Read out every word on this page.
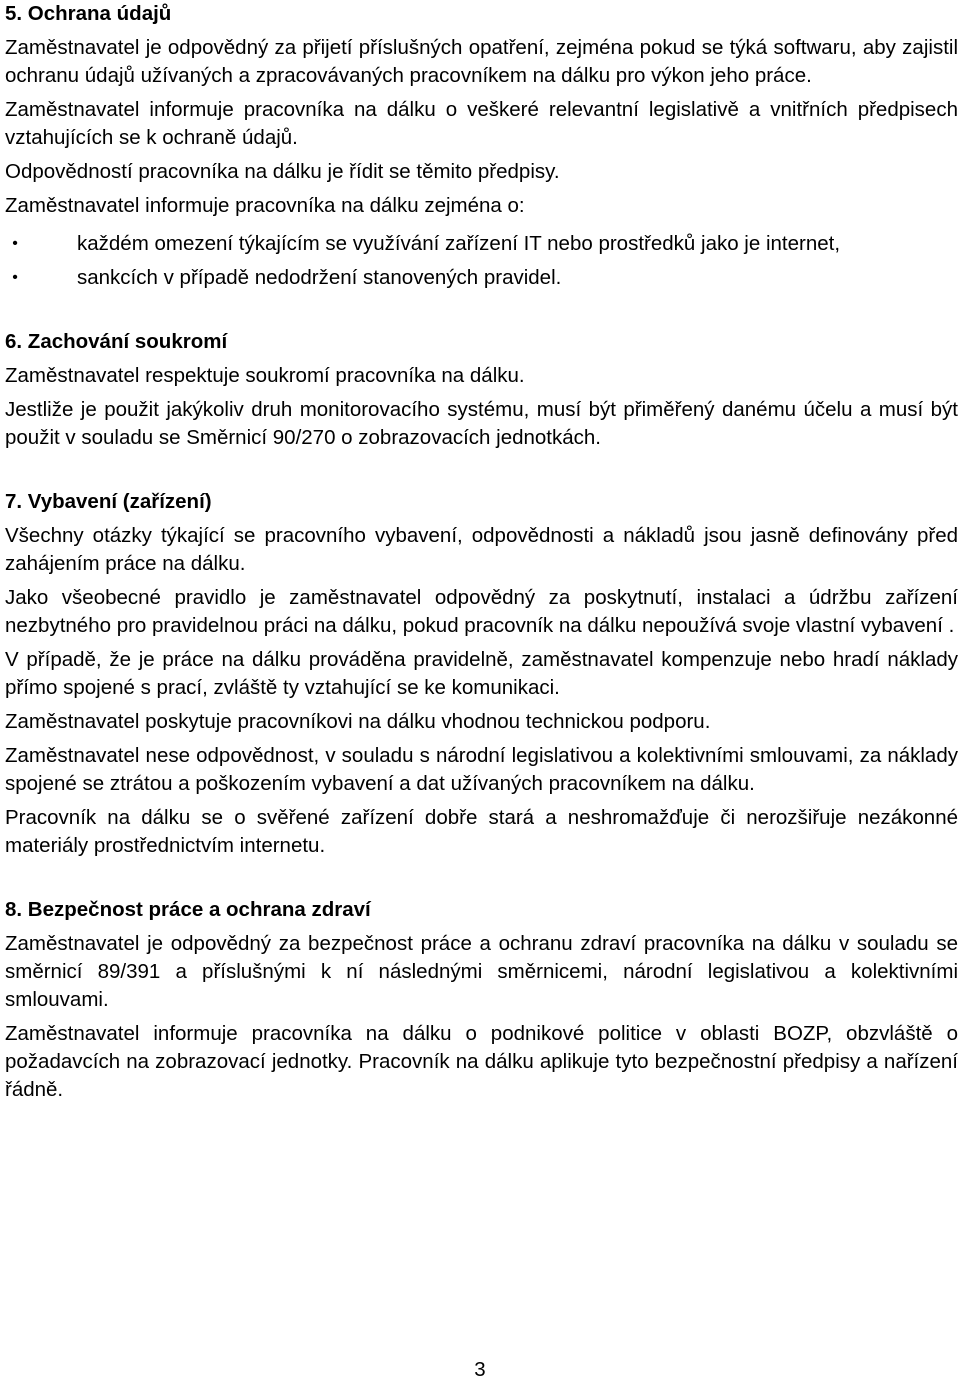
5. Ochrana údajů

Zaměstnavatel je odpovědný za přijetí příslušných opatření, zejména pokud se týká softwaru, aby zajistil ochranu údajů užívaných a zpracovávaných pracovníkem na dálku pro výkon jeho práce.

Zaměstnavatel informuje pracovníka na dálku o veškeré relevantní legislativě a vnitřních předpisech vztahujících se k ochraně údajů.

Odpovědností pracovníka na dálku je řídit se těmito předpisy.

Zaměstnavatel informuje pracovníka na dálku zejména o:

•	každém omezení týkajícím se využívání zařízení IT nebo prostředků jako je internet,
•	sankcích v případě nedodržení stanovených pravidel.
6. Zachování soukromí

Zaměstnavatel respektuje soukromí pracovníka na dálku.

Jestliže je použit jakýkoliv druh monitorovacího systému, musí být přiměřený danému účelu a musí být použit v souladu se Směrnicí 90/270 o zobrazovacích jednotkách.

7. Vybavení (zařízení)

Všechny otázky týkající se pracovního vybavení, odpovědnosti a nákladů jsou jasně definovány před zahájením práce na dálku.

Jako všeobecné pravidlo je zaměstnavatel odpovědný za poskytnutí, instalaci a údržbu zařízení nezbytného pro pravidelnou práci na dálku, pokud pracovník na dálku nepoužívá svoje vlastní vybavení .

V případě, že je práce na dálku prováděna pravidelně, zaměstnavatel kompenzuje nebo hradí náklady přímo spojené s prací, zvláště ty vztahující se ke komunikaci.

Zaměstnavatel poskytuje pracovníkovi na dálku vhodnou technickou podporu.

Zaměstnavatel nese odpovědnost, v souladu s národní legislativou a kolektivními smlouvami, za náklady spojené se ztrátou a poškozením vybavení a dat užívaných pracovníkem na dálku.

Pracovník na dálku se o svěřené zařízení dobře stará a neshromažďuje či nerozšiřuje nezákonné materiály prostřednictvím internetu.

8. Bezpečnost práce a ochrana zdraví

Zaměstnavatel je odpovědný za bezpečnost práce a ochranu zdraví pracovníka na dálku v souladu se směrnicí 89/391 a příslušnými k ní následnými směrnicemi, národní legislativou a kolektivními smlouvami.

Zaměstnavatel informuje pracovníka na dálku o podnikové politice v oblasti BOZP, obzvláště o požadavcích na zobrazovací jednotky. Pracovník na dálku aplikuje tyto bezpečnostní předpisy a nařízení řádně.

3
